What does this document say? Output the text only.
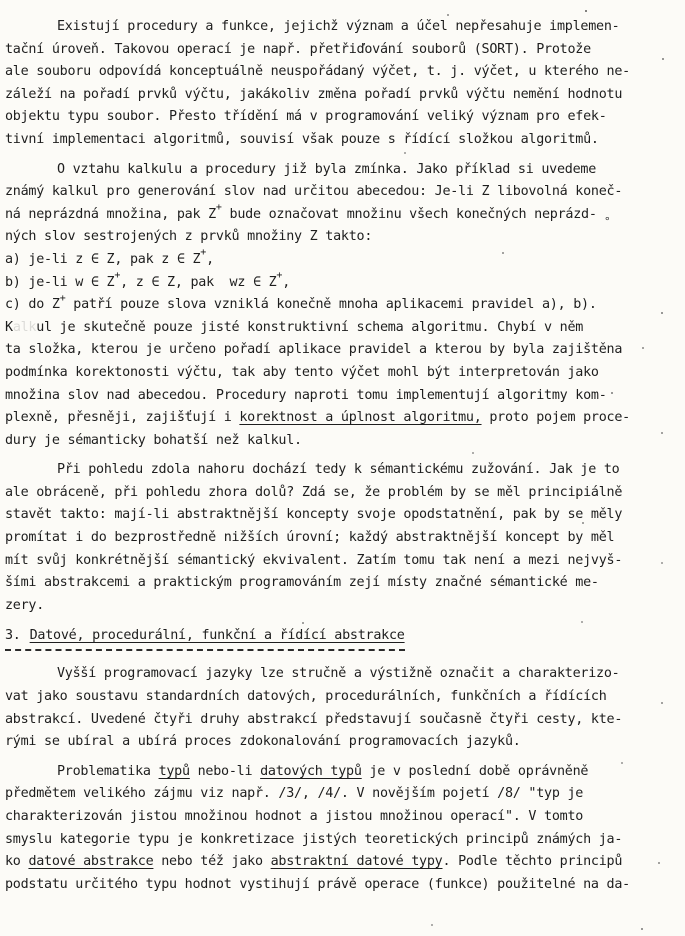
Existují procedury a funkce, jejichž význam a účel nepřesahuje implemen-
tační úroveň. Takovou operací je např. přetřiďování souborů (SORT). Protože
ale souboru odpovídá konceptuálně neuspořádaný výčet, t. j. výčet, u kterého ne-
záleží na pořadí prvků výčtu, jakákoliv změna pořadí prvků výčtu nemění hodnotu
objektu typu soubor. Přesto třídění má v programování veliký význam pro efek-
tivní implementaci algoritmů, souvisí však pouze s řídící složkou algoritmů.
O vztahu kalkulu a procedury již byla zmínka. Jako příklad si uvedeme
známý kalkul pro generování slov nad určitou abecedou: Je-li Z libovolná koneč-
ná neprázdná množina, pak Z+ bude označovat množinu všech konečných neprázd-
ných slov sestrojených z prvků množiny Z takto:
a) je-li z ∈ Z, pak z ∈ Z+,
b) je-li w ∈ Z+, z ∈ Z, pak  wz ∈ Z+,
c) do Z+ patří pouze slova vzniklá konečně mnoha aplikacemi pravidel a), b).
Kalkul je skutečně pouze jisté konstruktivní schema algoritmu. Chybí v něm
ta složka, kterou je určeno pořadí aplikace pravidel a kterou by byla zajištěna
podmínka korektonosti výčtu, tak aby tento výčet mohl být interpretován jako
množina slov nad abecedou. Procedury naproti tomu implementují algoritmy kom-
plexně, přesněji, zajišťují i korektnost a úplnost algoritmu, proto pojem proce-
dury je sémanticky bohatší než kalkul.
Při pohledu zdola nahoru dochází tedy k sémantickému zužování. Jak je to
ale obráceně, při pohledu zhora dolů? Zdá se, že problém by se měl principiálně
stavět takto: mají-li abstraktnější koncepty svoje opodstatnění, pak by se měly
promítat i do bezprostředně nižších úrovní; každý abstraktnější koncept by měl
mít svůj konkrétnější sémantický ekvivalent. Zatím tomu tak není a mezi nejvyš-
šími abstrakcemi a praktickým programováním zejí místy značné sémantické me-
zery.
3. Datové, procedurální, funkční a řídící abstrakce
Vyšší programovací jazyky lze stručně a výstižně označit a charakterizo-
vat jako soustavu standardních datových, procedurálních, funkčních a řídících
abstrakcí. Uvedené čtyři druhy abstrakcí představují současně čtyři cesty, kte-
rými se ubíral a ubírá proces zdokonalování programovacích jazyků.
Problematika typů nebo-li datových typů je v poslední době oprávněně
předmětem velikého zájmu viz např. /3/, /4/. V novějším pojetí /8/ "typ je
charakterizován jistou množinou hodnot a jistou množinou operací". V tomto
smyslu kategorie typu je konkretizace jistých teoretických principů známých ja-
ko datové abstrakce nebo též jako abstraktní datové typy. Podle těchto principů
podstatu určitého typu hodnot vystihují právě operace (funkce) použitelné na da-
°
